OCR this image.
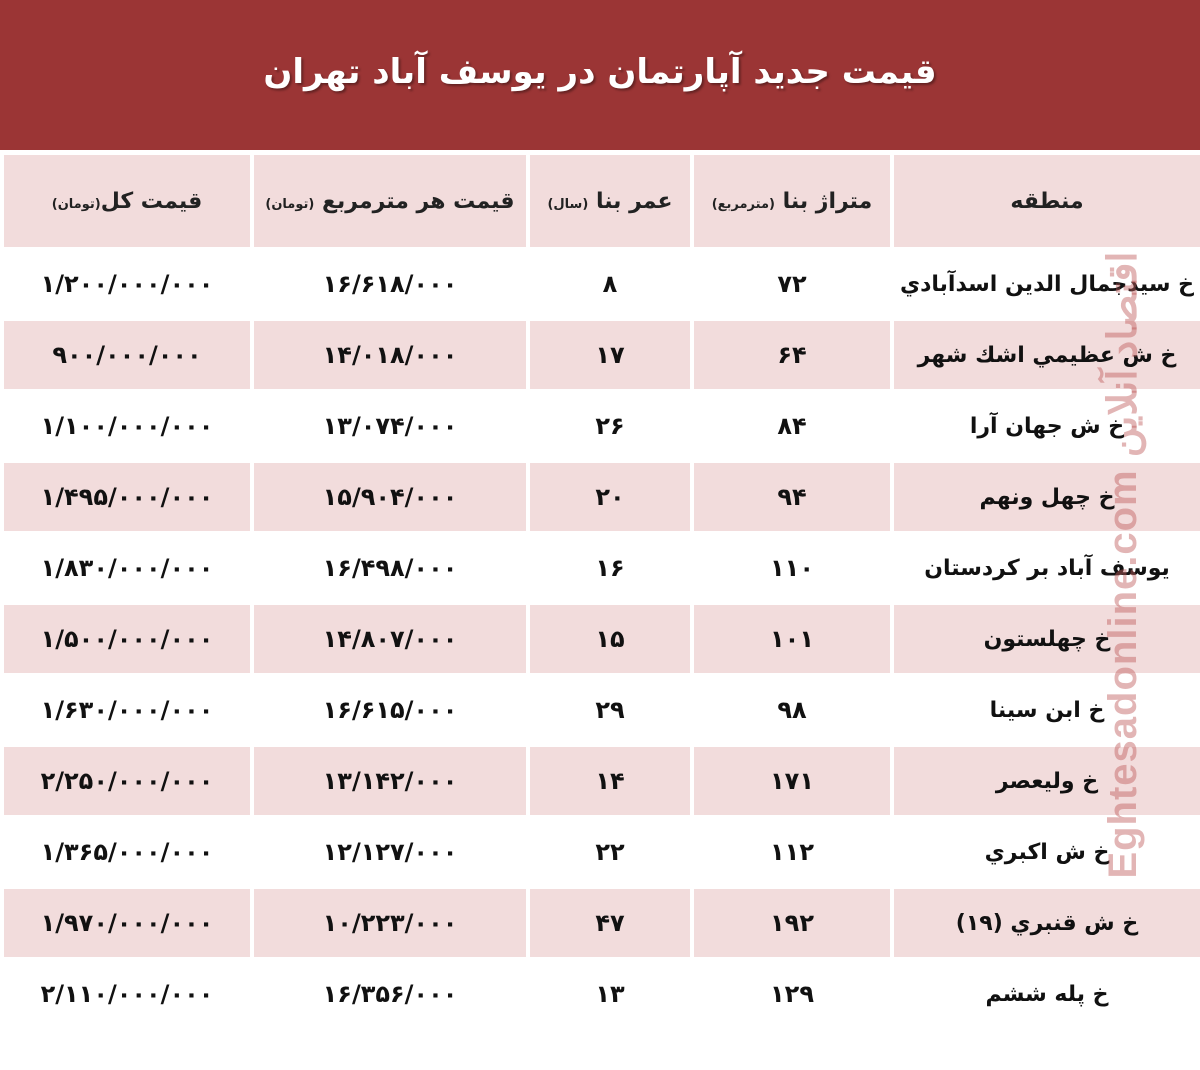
قیمت جدید آپارتمان در یوسف آباد تهران
منطقه	متراژ بنا (مترمربع)	عمر بنا (سال)	قیمت هر مترمربع (تومان)	قیمت کل(تومان)
خ سیدجمال الدین اسدآبادي	۷۲	۸	۱۶/۶۱۸/۰۰۰	۱/۲۰۰/۰۰۰/۰۰۰
خ ش عظیمي اشك شهر	۶۴	۱۷	۱۴/۰۱۸/۰۰۰	۹۰۰/۰۰۰/۰۰۰
خ ش جهان آرا	۸۴	۲۶	۱۳/۰۷۴/۰۰۰	۱/۱۰۰/۰۰۰/۰۰۰
خ چهل ونهم	۹۴	۲۰	۱۵/۹۰۴/۰۰۰	۱/۴۹۵/۰۰۰/۰۰۰
یوسف آباد بر کردستان	۱۱۰	۱۶	۱۶/۴۹۸/۰۰۰	۱/۸۳۰/۰۰۰/۰۰۰
خ چهلستون	۱۰۱	۱۵	۱۴/۸۰۷/۰۰۰	۱/۵۰۰/۰۰۰/۰۰۰
خ ابن سینا	۹۸	۲۹	۱۶/۶۱۵/۰۰۰	۱/۶۳۰/۰۰۰/۰۰۰
خ ولیعصر	۱۷۱	۱۴	۱۳/۱۴۲/۰۰۰	۲/۲۵۰/۰۰۰/۰۰۰
خ ش اکبري	۱۱۲	۲۲	۱۲/۱۲۷/۰۰۰	۱/۳۶۵/۰۰۰/۰۰۰
خ ش قنبري (۱۹)	۱۹۲	۴۷	۱۰/۲۲۳/۰۰۰	۱/۹۷۰/۰۰۰/۰۰۰
خ پله ششم	۱۲۹	۱۳	۱۶/۳۵۶/۰۰۰	۲/۱۱۰/۰۰۰/۰۰۰
Eghtesadonline.com اقتصاد آنلاین
